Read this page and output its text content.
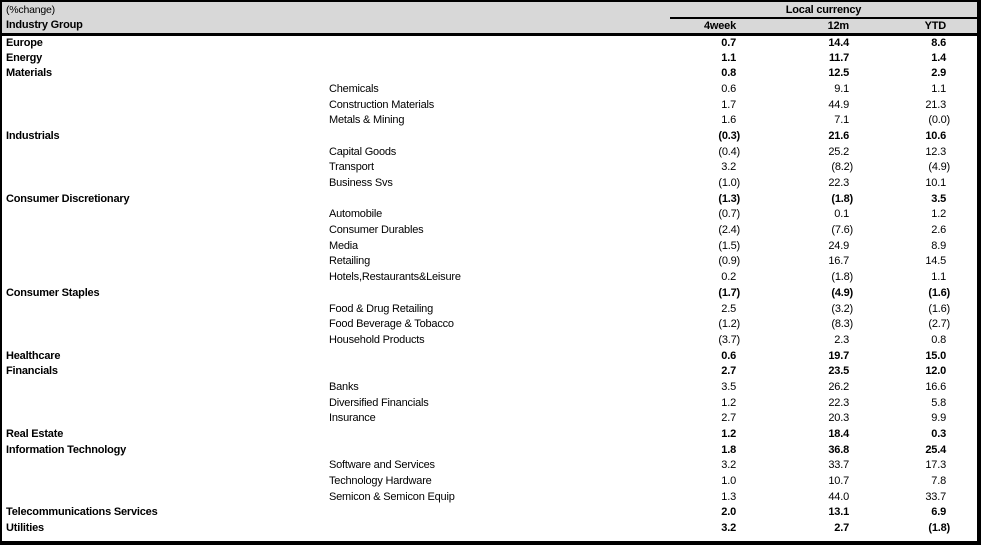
(%change)	Local currency			
Industry Group	4week	12m	YTD	
Europe	0.7	14.4	8.6	
Energy	1.1	11.7	1.4	
Materials	0.8	12.5	2.9	
Chemicals	0.6	9.1	1.1	
Construction Materials	1.7	44.9	21.3	
Metals & Mining	1.6	7.1	(0.0)	
Industrials	(0.3)	21.6	10.6	
Capital Goods	(0.4)	25.2	12.3	
Transport	3.2	(8.2)	(4.9)	
Business Svs	(1.0)	22.3	10.1	
Consumer Discretionary	(1.3)	(1.8)	3.5	
Automobile	(0.7)	0.1	1.2	
Consumer Durables	(2.4)	(7.6)	2.6	
Media	(1.5)	24.9	8.9	
Retailing	(0.9)	16.7	14.5	
Hotels,Restaurants&Leisure	0.2	(1.8)	1.1	
Consumer Staples	(1.7)	(4.9)	(1.6)	
Food & Drug Retailing	2.5	(3.2)	(1.6)	
Food Beverage & Tobacco	(1.2)	(8.3)	(2.7)	
Household Products	(3.7)	2.3	0.8	
Healthcare	0.6	19.7	15.0	
Financials	2.7	23.5	12.0	
Banks	3.5	26.2	16.6	
Diversified Financials	1.2	22.3	5.8	
Insurance	2.7	20.3	9.9	
Real Estate	1.2	18.4	0.3	
Information Technology	1.8	36.8	25.4	
Software and Services	3.2	33.7	17.3	
Technology Hardware	1.0	10.7	7.8	
Semicon & Semicon Equip	1.3	44.0	33.7	
Telecommunications Services	2.0	13.1	6.9	
Utilities	3.2	2.7	(1.8)	
